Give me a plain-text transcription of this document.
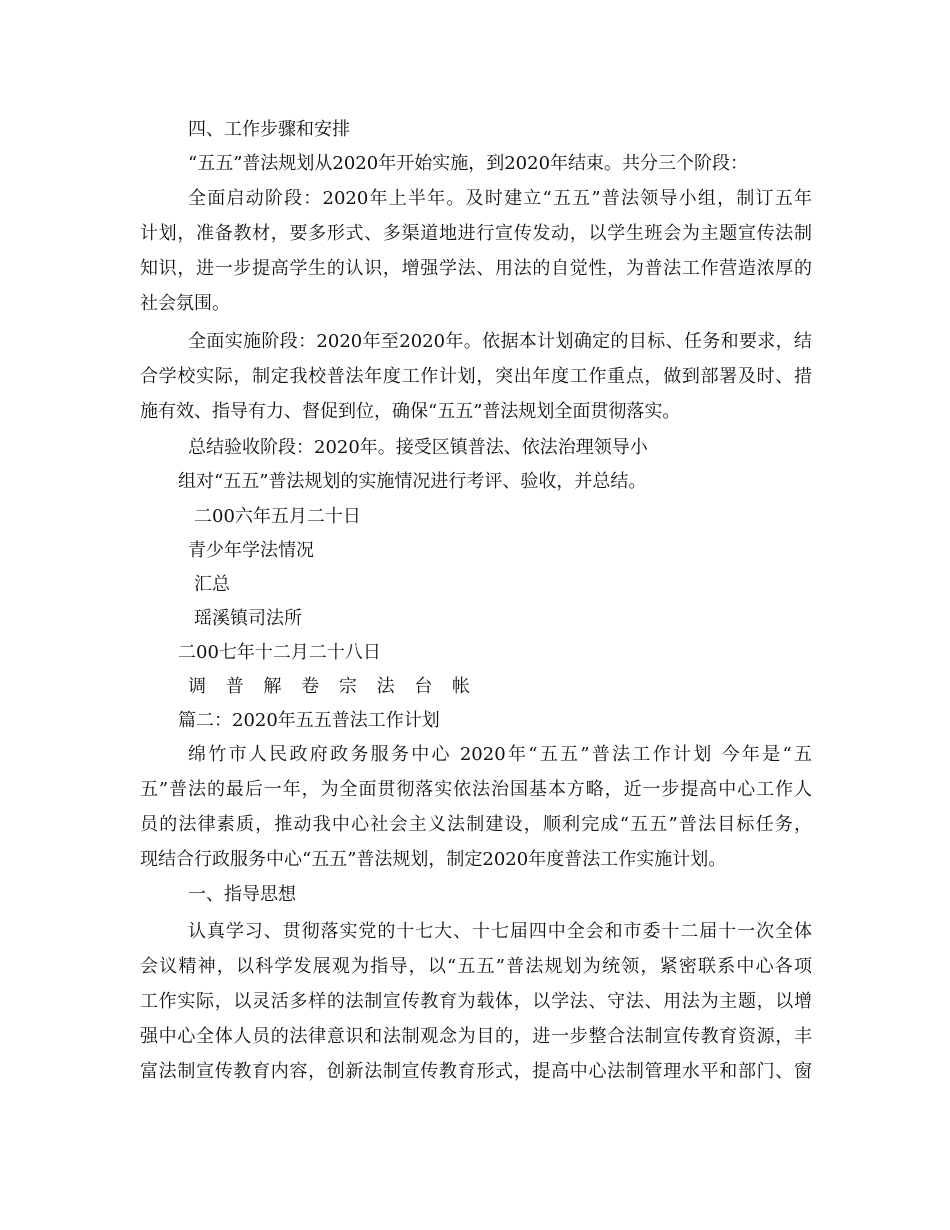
四、工作步骤和安排

“五五”普法规划从2020年开始实施，到2020年结束。共分三个阶段：

全面启动阶段：2020年上半年。及时建立“五五”普法领导小组，制订五年

计划，准备教材，要多形式、多渠道地进行宣传发动，以学生班会为主题宣传法制

知识，进一步提高学生的认识，增强学法、用法的自觉性，为普法工作营造浓厚的

社会氛围。

全面实施阶段：2020年至2020年。依据本计划确定的目标、任务和要求，结

合学校实际，制定我校普法年度工作计划，突出年度工作重点，做到部署及时、措

施有效、指导有力、督促到位，确保“五五”普法规划全面贯彻落实。

总结验收阶段：2020年。接受区镇普法、依法治理领导小

组对“五五”普法规划的实施情况进行考评、验收，并总结。

二00六年五月二十日

青少年学法情况

汇总

瑶溪镇司法所

二00七年十二月二十八日

调 普 解 卷 宗 法 台 帐

篇二：2020年五五普法工作计划

绵竹市人民政府政务服务中心 2020年“五五”普法工作计划 今年是“五

五”普法的最后一年，为全面贯彻落实依法治国基本方略，近一步提高中心工作人

员的法律素质，推动我中心社会主义法制建设，顺利完成“五五”普法目标任务，

现结合行政服务中心“五五”普法规划，制定2020年度普法工作实施计划。

一、指导思想

认真学习、贯彻落实党的十七大、十七届四中全会和市委十二届十一次全体

会议精神，以科学发展观为指导，以“五五”普法规划为统领，紧密联系中心各项

工作实际，以灵活多样的法制宣传教育为载体，以学法、守法、用法为主题，以增

强中心全体人员的法律意识和法制观念为目的，进一步整合法制宣传教育资源，丰

富法制宣传教育内容，创新法制宣传教育形式，提高中心法制管理水平和部门、窗
